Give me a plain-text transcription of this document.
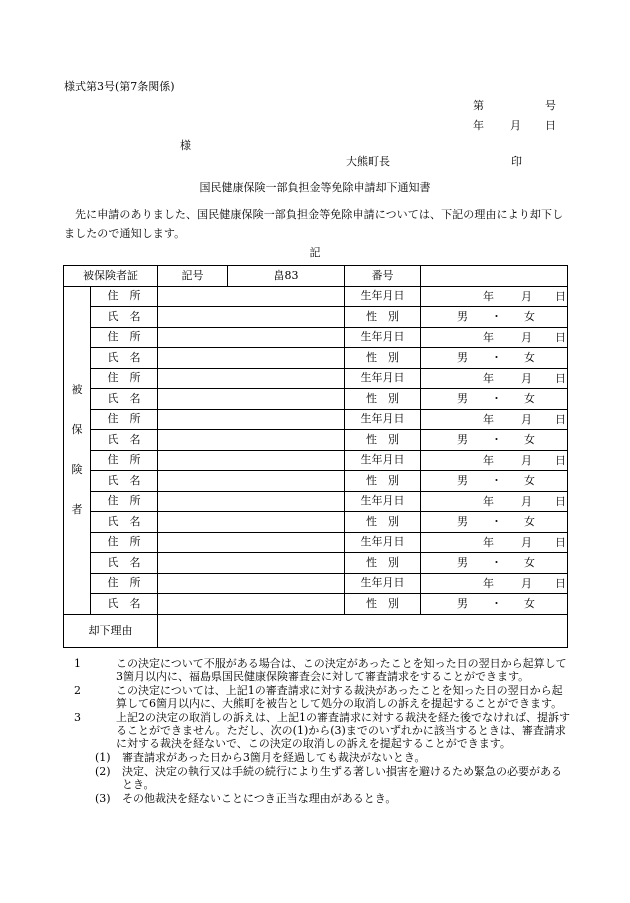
様式第3号(第7条関係)
第	号
年 月 日
様
大熊町長	印
国民健康保険一部負担金等免除申請却下通知書
先に申請のありました、国民健康保険一部負担金等免除申請については、下記の理由により却下しましたので通知します。
記
被保険者証		記号	畠83	番号	

被
保
険
者	住　所			生年月日	年 月 日

	氏　名			性　別	男 ・ 女

	住　所			生年月日	年 月 日

	氏　名			性　別	男 ・ 女

	住　所			生年月日	年 月 日

	氏　名			性　別	男 ・ 女

	住　所			生年月日	年 月 日

	氏　名			性　別	男 ・ 女

	住　所			生年月日	年 月 日

	氏　名			性　別	男 ・ 女

	住　所			生年月日	年 月 日

	氏　名			性　別	男 ・ 女

	住　所			生年月日	年 月 日

	氏　名			性　別	男 ・ 女

	住　所			生年月日	年 月 日

	氏　名			性　別	男 ・ 女

却下理由					
1	この決定について不服がある場合は、この決定があったことを知った日の翌日から起算して3箇月以内に、福島県国民健康保険審査会に対して審査請求をすることができます。
2	この決定については、上記1の審査請求に対する裁決があったことを知った日の翌日から起算して6箇月以内に、大熊町を被告として処分の取消しの訴えを提起することができます。
3	上記2の決定の取消しの訴えは、上記1の審査請求に対する裁決を経た後でなければ、提訴することができません。ただし、次の(1)から(3)までのいずれかに該当するときは、審査請求に対する裁決を経ないで、この決定の取消しの訴えを提起することができます。
(1) 審査請求があった日から3箇月を経過しても裁決がないとき。
(2) 決定、決定の執行又は手続の続行により生ずる著しい損害を避けるため緊急の必要があるとき。
(3) その他裁決を経ないことにつき正当な理由があるとき。
